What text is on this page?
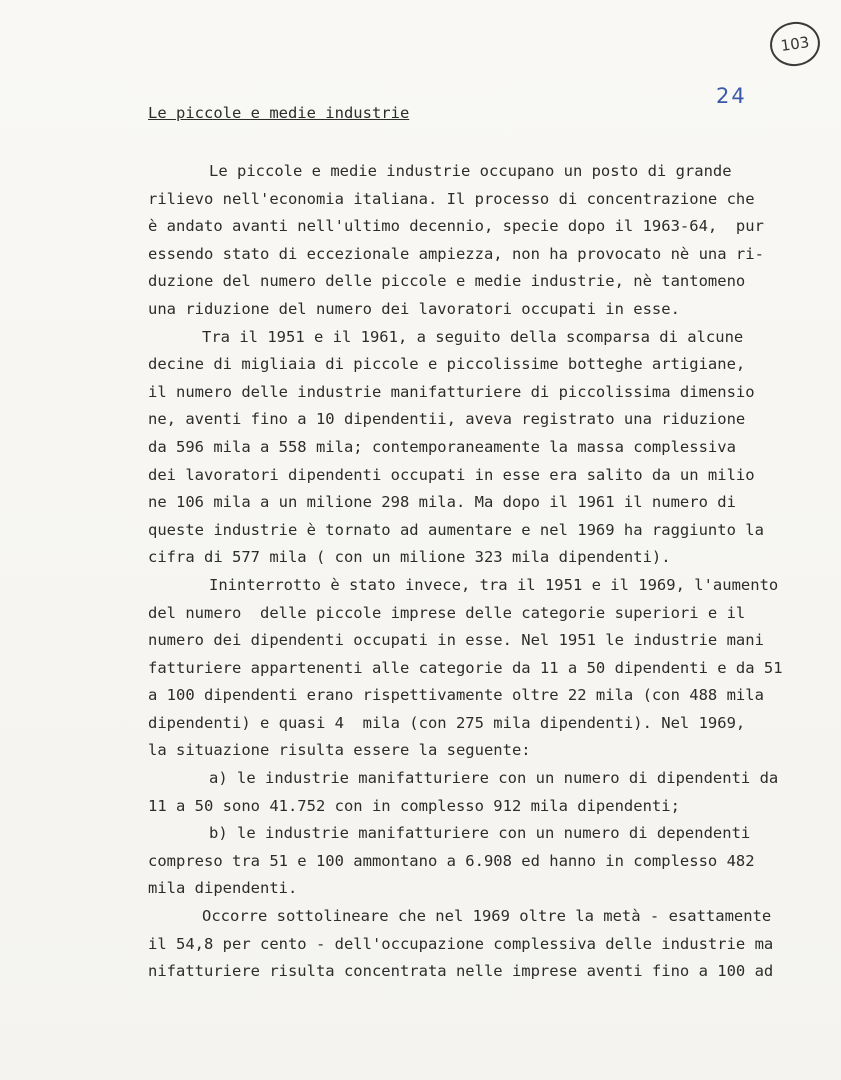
103
24
Le piccole e medie industrie
Le piccole e medie industrie occupano un posto di grande
rilievo nell'economia italiana. Il processo di concentrazione che
è andato avanti nell'ultimo decennio, specie dopo il 1963-64,  pur
essendo stato di eccezionale ampiezza, non ha provocato nè una ri-
duzione del numero delle piccole e medie industrie, nè tantomeno
una riduzione del numero dei lavoratori occupati in esse.
Tra il 1951 e il 1961, a seguito della scomparsa di alcune
decine di migliaia di piccole e piccolissime botteghe artigiane,
il numero delle industrie manifatturiere di piccolissima dimensio
ne, aventi fino a 10 dipendentii, aveva registrato una riduzione
da 596 mila a 558 mila; contemporaneamente la massa complessiva
dei lavoratori dipendenti occupati in esse era salito da un milio
ne 106 mila a un milione 298 mila. Ma dopo il 1961 il numero di
queste industrie è tornato ad aumentare e nel 1969 ha raggiunto la
cifra di 577 mila ( con un milione 323 mila dipendenti).
Ininterrotto è stato invece, tra il 1951 e il 1969, l'aumento
del numero  delle piccole imprese delle categorie superiori e il
numero dei dipendenti occupati in esse. Nel 1951 le industrie mani
fatturiere appartenenti alle categorie da 11 a 50 dipendenti e da 51
a 100 dipendenti erano rispettivamente oltre 22 mila (con 488 mila
dipendenti) e quasi 4  mila (con 275 mila dipendenti). Nel 1969,
la situazione risulta essere la seguente:
a) le industrie manifatturiere con un numero di dipendenti da
11 a 50 sono 41.752 con in complesso 912 mila dipendenti;
b) le industrie manifatturiere con un numero di dependenti
compreso tra 51 e 100 ammontano a 6.908 ed hanno in complesso 482
mila dipendenti.
Occorre sottolineare che nel 1969 oltre la metà - esattamente
il 54,8 per cento - dell'occupazione complessiva delle industrie ma
nifatturiere risulta concentrata nelle imprese aventi fino a 100 ad
